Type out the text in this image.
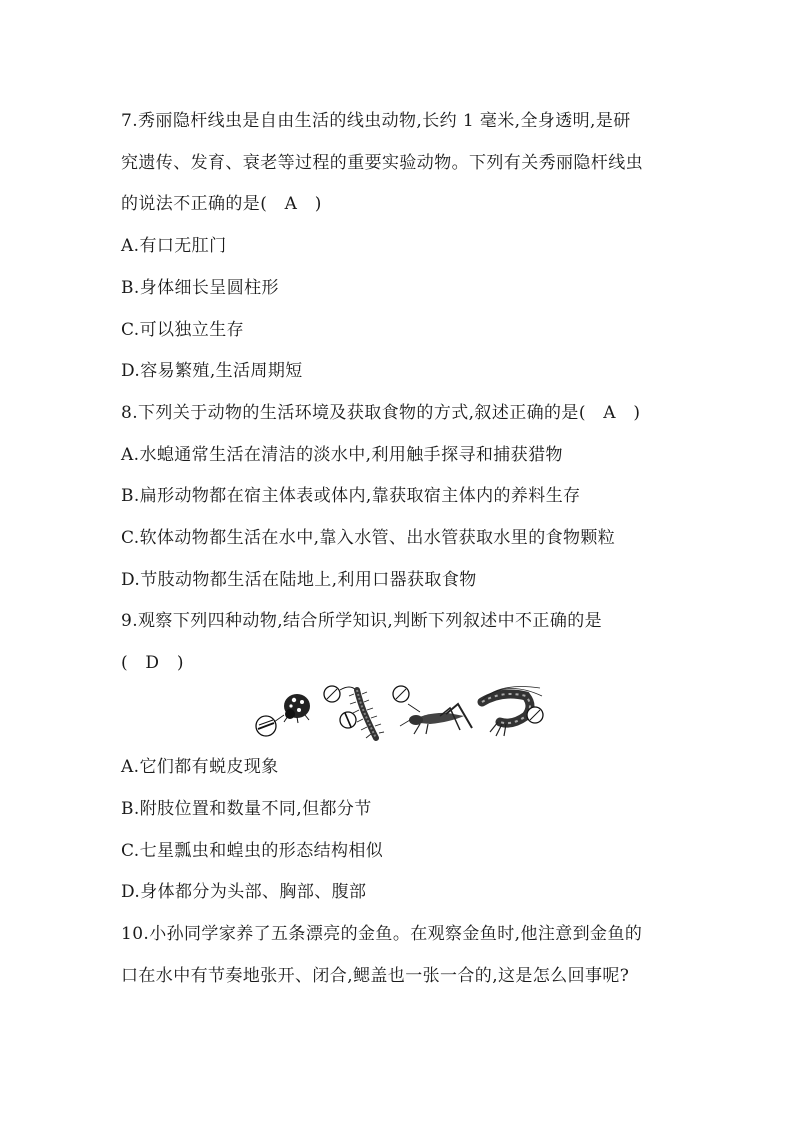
7.秀丽隐杆线虫是自由生活的线虫动物,长约 1 毫米,全身透明,是研
究遗传、发育、衰老等过程的重要实验动物。下列有关秀丽隐杆线虫
的说法不正确的是(　A　)
A.有口无肛门
B.身体细长呈圆柱形
C.可以独立生存
D.容易繁殖,生活周期短
8.下列关于动物的生活环境及获取食物的方式,叙述正确的是(　A　)
A.水螅通常生活在清洁的淡水中,利用触手探寻和捕获猎物
B.扁形动物都在宿主体表或体内,靠获取宿主体内的养料生存
C.软体动物都生活在水中,靠入水管、出水管获取水里的食物颗粒
D.节肢动物都生活在陆地上,利用口器获取食物
9.观察下列四种动物,结合所学知识,判断下列叙述中不正确的是
(　D　)
A.它们都有蜕皮现象
B.附肢位置和数量不同,但都分节
C.七星瓢虫和蝗虫的形态结构相似
D.身体都分为头部、胸部、腹部
10.小孙同学家养了五条漂亮的金鱼。在观察金鱼时,他注意到金鱼的
口在水中有节奏地张开、闭合,鳃盖也一张一合的,这是怎么回事呢?
